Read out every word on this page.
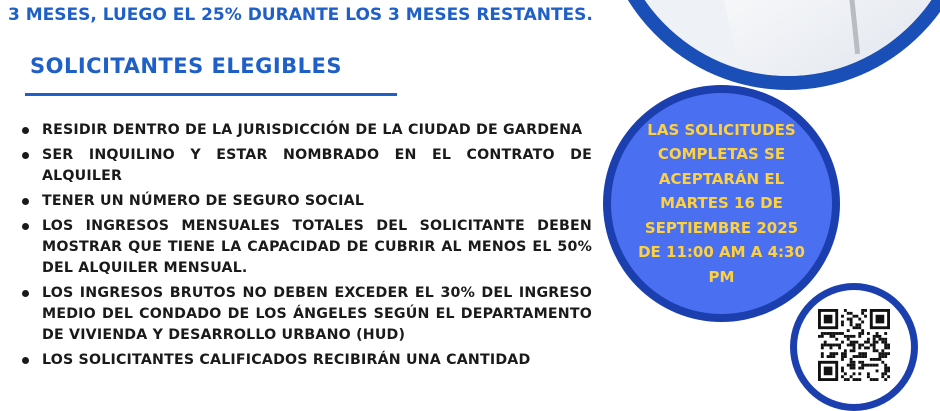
3 MESES, LUEGO EL 25% DURANTE LOS 3 MESES RESTANTES.
SOLICITANTES ELEGIBLES
RESIDIR DENTRO DE LA JURISDICCIÓN DE LA CIUDAD DE GARDENA
SER INQUILINO Y ESTAR NOMBRADO EN EL CONTRATO DE ALQUILER
TENER UN NÚMERO DE SEGURO SOCIAL
LOS INGRESOS MENSUALES TOTALES DEL SOLICITANTE DEBEN MOSTRAR QUE TIENE LA CAPACIDAD DE CUBRIR AL MENOS EL 50% DEL ALQUILER MENSUAL.
LOS INGRESOS BRUTOS NO DEBEN EXCEDER EL 30% DEL INGRESO MEDIO DEL CONDADO DE LOS ÁNGELES SEGÚN EL DEPARTAMENTO DE VIVIENDA Y DESARROLLO URBANO (HUD)
LOS SOLICITANTES CALIFICADOS RECIBIRÁN UNA CANTIDAD
LAS SOLICITUDES COMPLETAS SE ACEPTARÁN EL MARTES 16 DE SEPTIEMBRE 2025 DE 11:00 AM A 4:30 PM
